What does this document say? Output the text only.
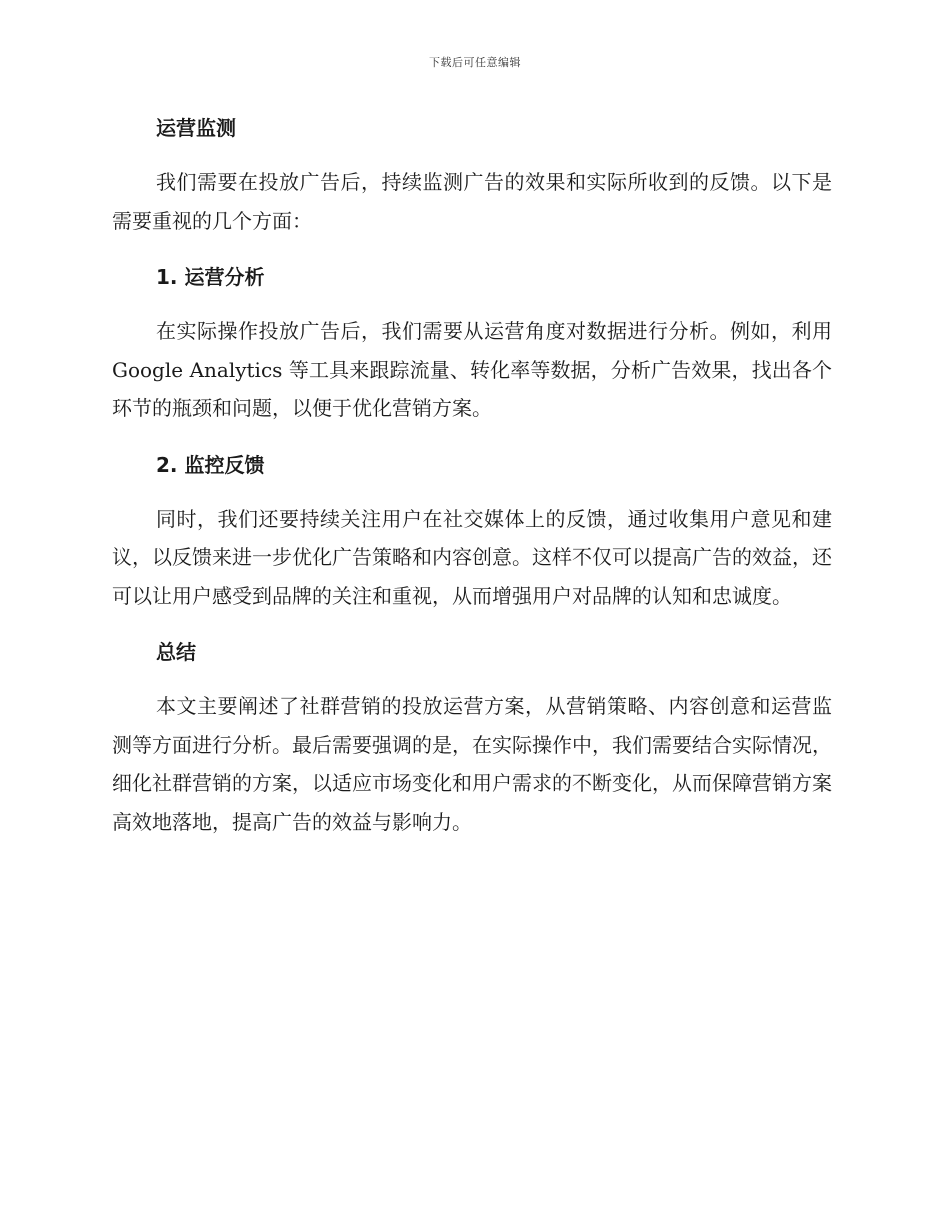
下载后可任意编辑
运营监测

我们需要在投放广告后，持续监测广告的效果和实际所收到的反馈。以下是需要重视的几个方面：

1. 运营分析

在实际操作投放广告后，我们需要从运营角度对数据进行分析。例如，利用 Google Analytics 等工具来跟踪流量、转化率等数据，分析广告效果，找出各个环节的瓶颈和问题，以便于优化营销方案。

2. 监控反馈

同时，我们还要持续关注用户在社交媒体上的反馈，通过收集用户意见和建议，以反馈来进一步优化广告策略和内容创意。这样不仅可以提高广告的效益，还可以让用户感受到品牌的关注和重视，从而增强用户对品牌的认知和忠诚度。

总结

本文主要阐述了社群营销的投放运营方案，从营销策略、内容创意和运营监测等方面进行分析。最后需要强调的是，在实际操作中，我们需要结合实际情况，细化社群营销的方案，以适应市场变化和用户需求的不断变化，从而保障营销方案高效地落地，提高广告的效益与影响力。
